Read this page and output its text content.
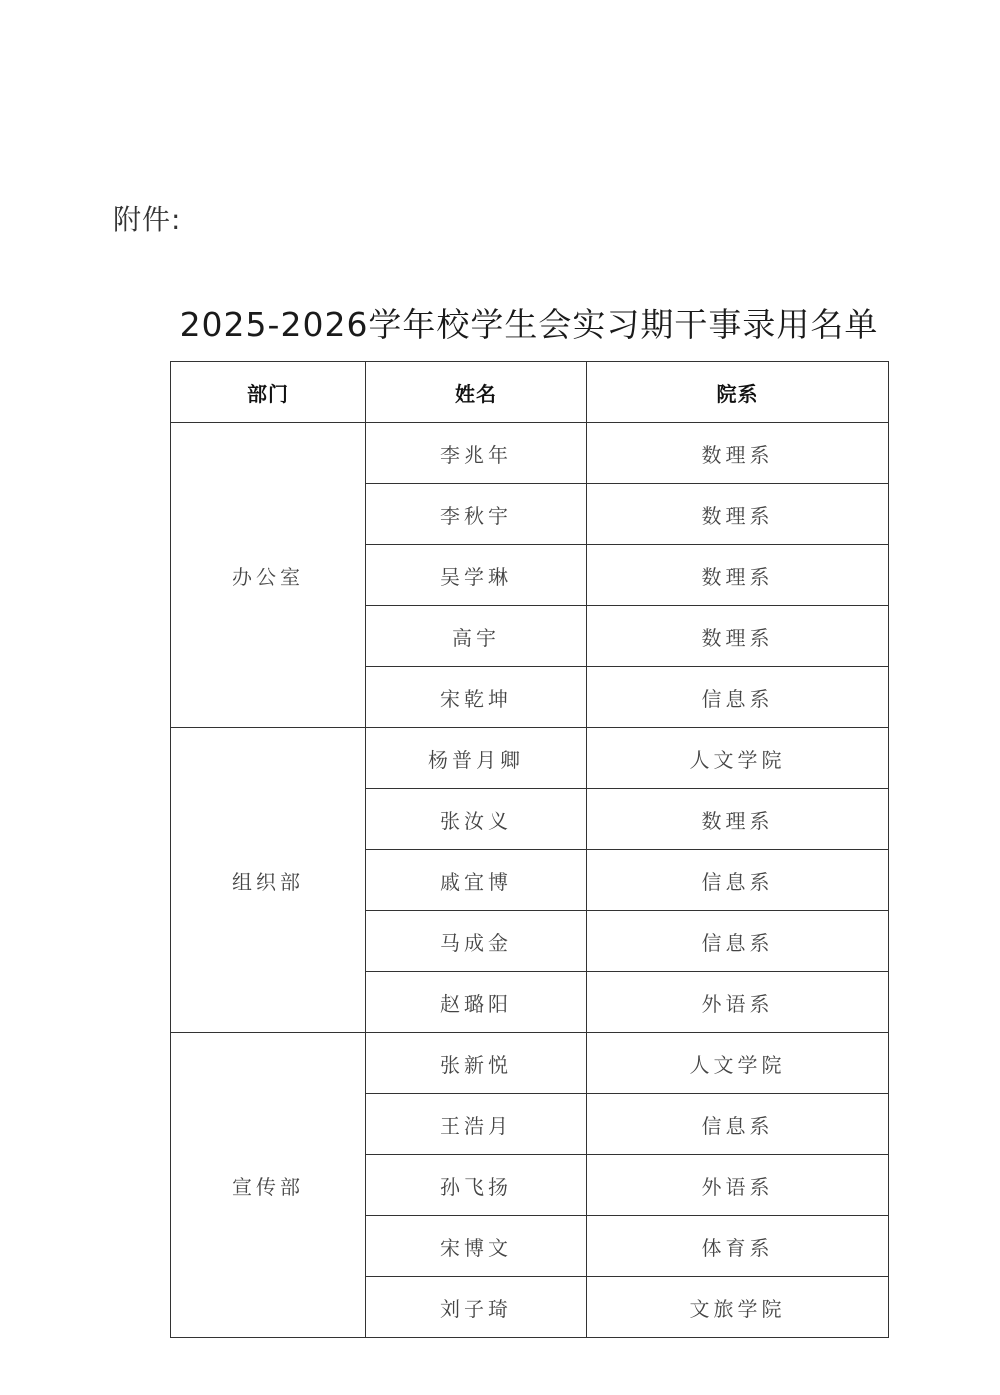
附件:
2025-2026学年校学生会实习期干事录用名单
部门	姓名	院系
办公室	李兆年	数理系
	李秋宇	数理系
	吴学琳	数理系
	高宇	数理系
	宋乾坤	信息系
组织部	杨普月卿	人文学院
	张汝义	数理系
	戚宜博	信息系
	马成金	信息系
	赵璐阳	外语系
宣传部	张新悦	人文学院
	王浩月	信息系
	孙飞扬	外语系
	宋博文	体育系
	刘子琦	文旅学院
